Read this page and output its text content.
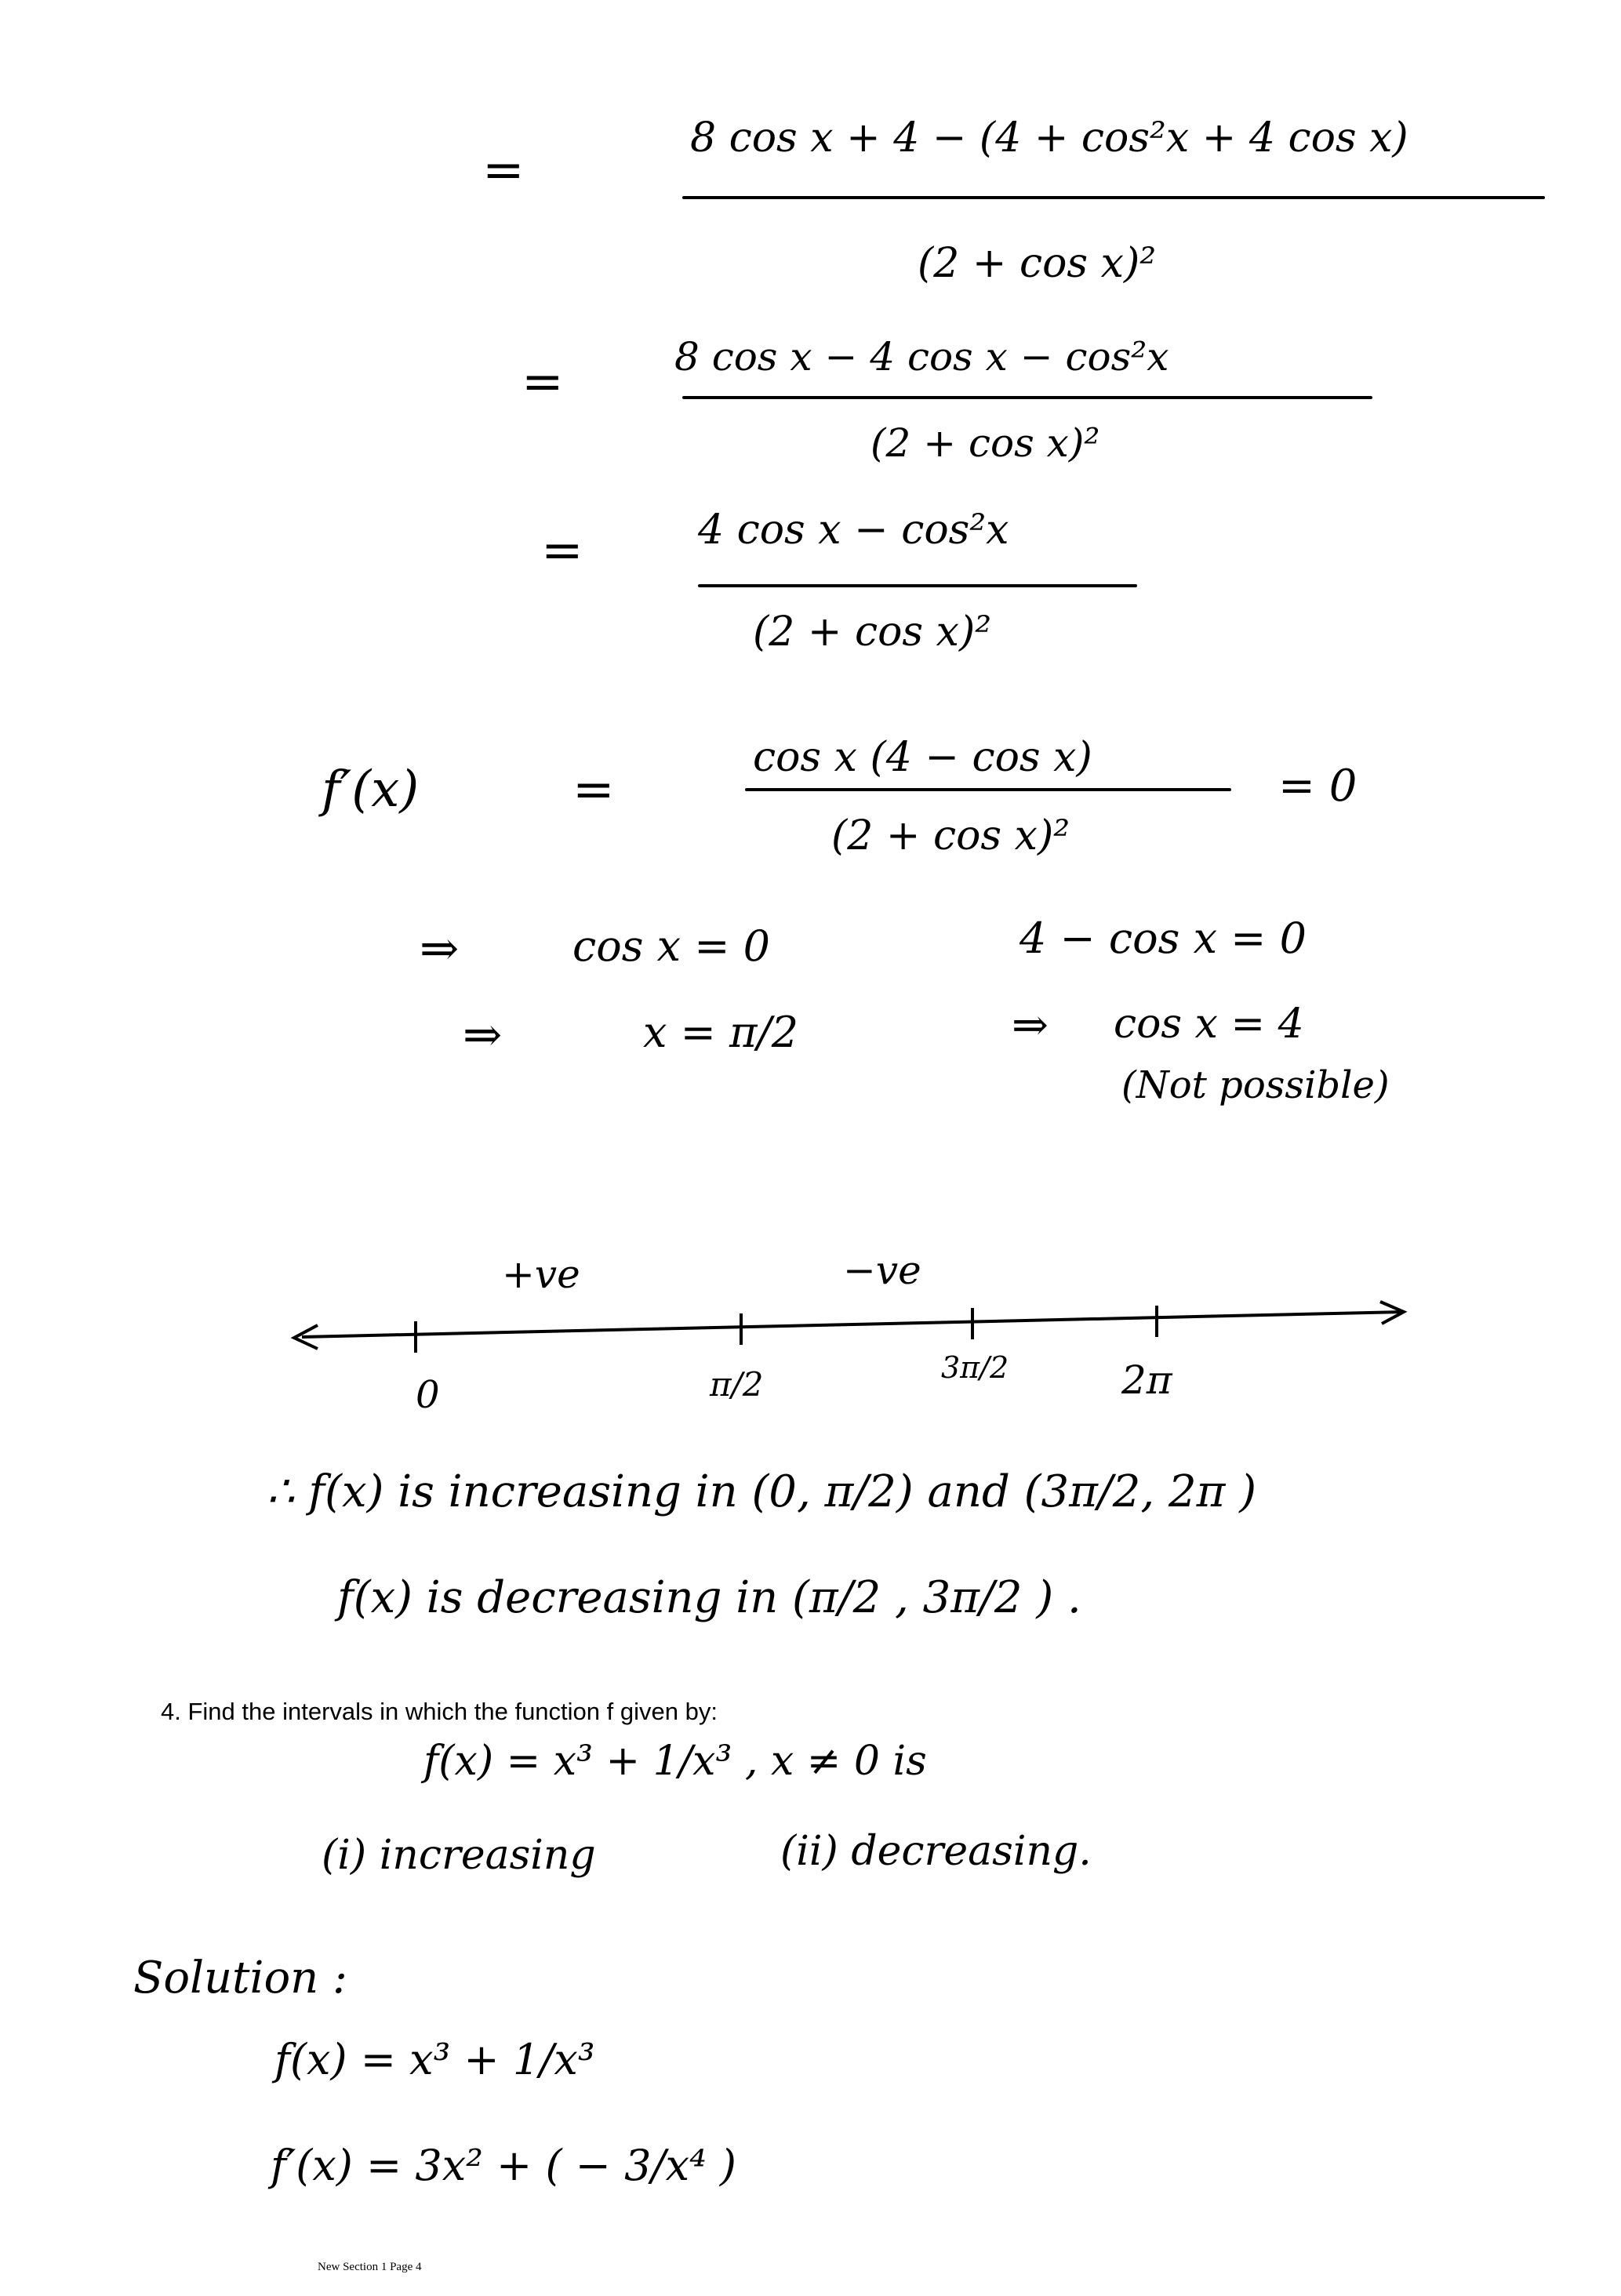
=
8 cos x + 4 − (4 + cos²x + 4 cos x)
(2 + cos x)²
=	8 cos x − 4 cos x − cos²x
(2 + cos x)²
=	4 cos x − cos²x
(2 + cos x)²
f′(x)	=
cos x (4 − cos x)
(2 + cos x)²
= 0
⇒	cos x = 0	4 − cos x = 0
⇒	x = π/2	⇒ cos x = 4
(Not possible)
+ve	−ve
0	π/2	3π/2	2π
∴ f(x) is increasing in (0, π/2) and (3π/2, 2π )
f(x) is decreasing in (π/2 , 3π/2 ) .
4. Find the intervals in which the function f given by:
f(x) = x³ + 1/x³ , x ≠ 0 is
(i) increasing	(ii) decreasing.
Solution :
f(x) = x³ + 1/x³
f′(x) = 3x² + ( − 3/x⁴ )
New Section 1 Page 4
